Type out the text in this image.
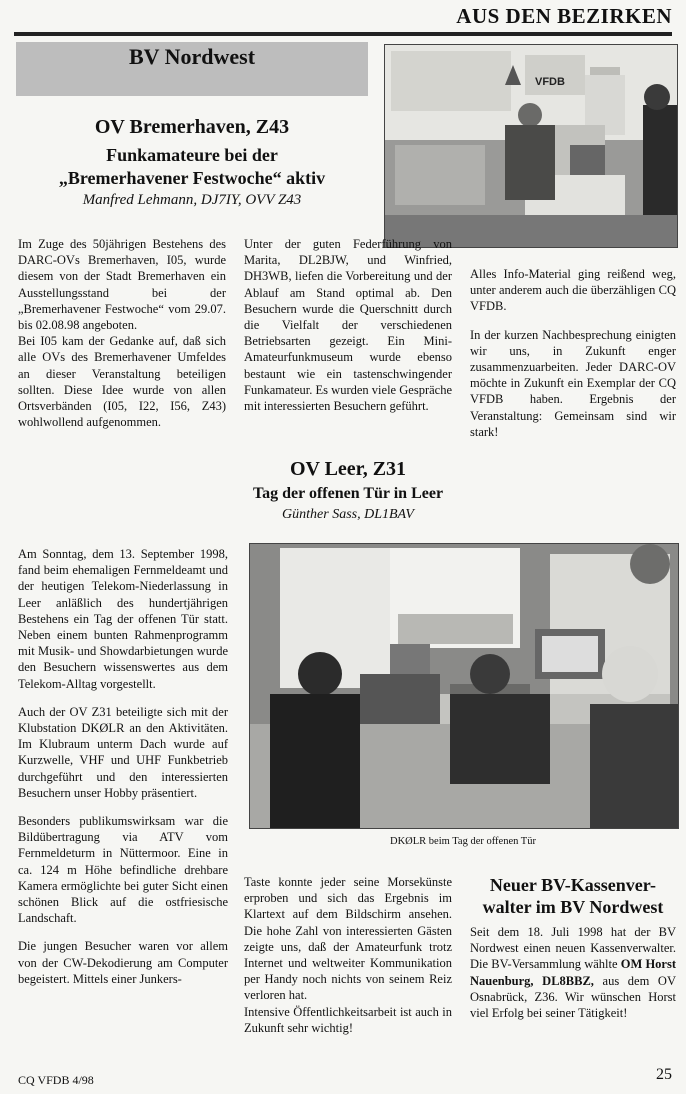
AUS DEN BEZIRKEN
BV Nordwest
OV Bremerhaven, Z43
Funkamateure bei der
„Bremerhavener Festwoche“ aktiv
Manfred Lehmann, DJ7IY, OVV Z43
VFDB

Im Zuge des 50jährigen Bestehens des DARC-OVs Bremerhaven, I05, wurde diesem von der Stadt Bremerhaven ein Ausstellungsstand bei der „Bremerhavener Festwoche“ vom 29.07. bis 02.08.98 angeboten.

Bei I05 kam der Gedanke auf, daß sich alle OVs des Bremerhavener Umfeldes an dieser Veranstaltung beteiligen sollten. Diese Idee wurde von allen Ortsverbänden (I05, I22, I56, Z43) wohlwollend aufgenommen.

Unter der guten Federführung von Marita, DL2BJW, und Winfried, DH3WB, liefen die Vorbereitung und der Ablauf am Stand optimal ab. Den Besuchern wurde die Querschnitt durch die Vielfalt der verschiedenen Betriebsarten gezeigt. Ein Mini-Amateurfunkmuseum wurde ebenso bestaunt wie ein tastenschwingender Funkamateur. Es wurden viele Gespräche mit interessierten Besuchern geführt.

Alles Info-Material ging reißend weg, unter anderem auch die überzähligen CQ VFDB.

In der kurzen Nachbesprechung einigten wir uns, in Zukunft enger zusammenzuarbeiten. Jeder DARC-OV möchte in Zukunft ein Exemplar der CQ VFDB haben. Ergebnis der Veranstaltung: Gemeinsam sind wir stark!

OV Leer, Z31
Tag der offenen Tür in Leer
Günther Sass, DL1BAV

Am Sonntag, dem 13. September 1998, fand beim ehemaligen Fernmeldeamt und der heutigen Telekom-Niederlassung in Leer anläßlich des hundertjährigen Bestehens ein Tag der offenen Tür statt. Neben einem bunten Rahmenprogramm mit Musik- und Showdarbietungen wurde den Besuchern wissenswertes aus dem Telekom-Alltag vorgestellt.

Auch der OV Z31 beteiligte sich mit der Klubstation DKØLR an den Aktivitäten. Im Klubraum unterm Dach wurde auf Kurzwelle, VHF und UHF Funkbetrieb durchgeführt und den interessierten Besuchern unser Hobby präsentiert.

Besonders publikumswirksam war die Bildübertragung via ATV vom Fernmeldeturm in Nüttermoor. Eine in ca. 124 m Höhe befindliche drehbare Kamera ermöglichte bei guter Sicht einen schönen Blick auf die ostfriesische Landschaft.

Die jungen Besucher waren vor allem von der CW-Dekodierung am Computer begeistert. Mittels einer Junkers-

DKØLR beim Tag der offenen Tür

Taste konnte jeder seine Morsekünste erproben und sich das Ergebnis im Klartext auf dem Bildschirm ansehen. Die hohe Zahl von interessierten Gästen zeigte uns, daß der Amateurfunk trotz Internet und weltweiter Kommunikation per Handy noch nichts von seinem Reiz verloren hat.

Intensive Öffentlichkeitsarbeit ist auch in Zukunft sehr wichtig!

Neuer BV-Kassenver-
walter im BV Nordwest
Seit dem 18. Juli 1998 hat der BV Nordwest einen neuen Kassenverwalter. Die BV-Versammlung wählte OM Horst Nauenburg, DL8BBZ, aus dem OV Osnabrück, Z36. Wir wünschen Horst viel Erfolg bei seiner Tätigkeit!
CQ VFDB 4/98	25
